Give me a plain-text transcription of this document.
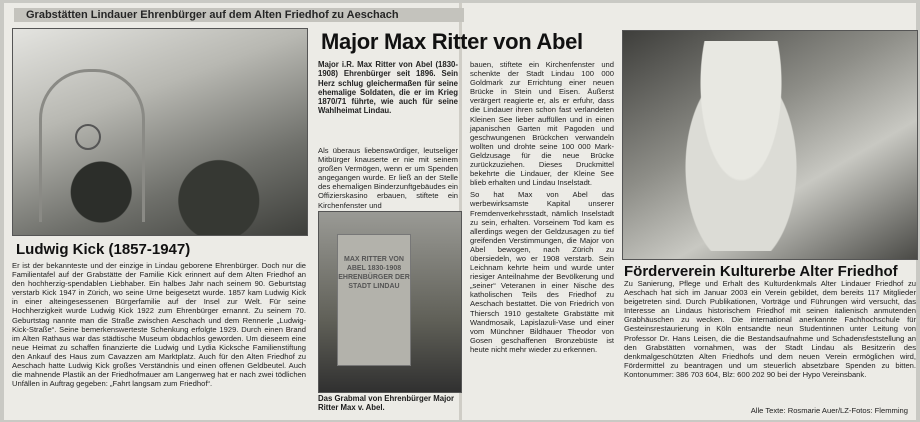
Grabstätten Lindauer Ehrenbürger auf dem Alten Friedhof zu Aeschach
Major Max Ritter von Abel
Ludwig Kick (1857-1947)

Er ist der bekannteste und der einzige in Lindau geborene Ehrenbürger. Doch nur die Familientafel auf der Grabstätte der Familie Kick erinnert auf dem Alten Friedhof an den hochherzig-spendablen Liebhaber. Ein halbes Jahr nach seinem 90. Geburtstag verstarb Kick 1947 in Zürich, wo seine Urne beigesetzt wurde. 1857 kam Ludwig Kick in einer alteingesessenen Bürgerfamilie auf der Insel zur Welt. Für seine Hochherzigkeit wurde Ludwig Kick 1922 zum Ehrenbürger ernannt. Zu seinem 70. Geburtstag nannte man die Straße zwischen Aeschach und dem Rennerle „Ludwig-Kick-Straße“. Seine bemerkenswerteste Schenkung erfolgte 1929. Durch einen Brand im Alten Rathaus war das städtische Museum obdachlos geworden. Um dieseem eine neue Heimat zu schaffen finanzierte die Ludwig und Lydia Kicksche Familienstiftung den Ankauf des Haus zum Cavazzen am Marktplatz. Auch für den Alten Friedhof zu Aeschach hatte Ludwig Kick großes Verständnis und einen offenen Geldbeutel. Auch die mahnende Plastik an der Friedhofmauer am Langenweg hat er nach zwei tödlichen Unfällen in Auftrag gegeben: „Fahrt langsam zum Friedhof“.

Major i.R. Max Ritter von Abel (1830-1908) Ehrenbürger seit 1896. Sein Herz schlug gleichermaßen für seine ehemalige Soldaten, die er im Krieg 1870/71 führte, wie auch für seine Wahlheimat Lindau.
Als überaus liebenswürdiger, leutseliger Mitbürger knauserte er nie mit seinem großen Vermögen, wenn er um Spenden angegangen wurde. Er ließ an der Stelle des ehemaligen Binderzunftgebäudes ein Offizierskasino erbauen, stiftete ein Kirchenfenster und
MAX RITTER VON ABEL 1830-1908 EHRENBÜRGER DER STADT LINDAU
Das Grabmal von Ehrenbürger Major Ritter Max v. Abel.

bauen, stiftete ein Kirchenfenster und schenkte der Stadt Lindau 100 000 Goldmark zur Errichtung einer neuen Brücke in Stein und Eisen. Äußerst verärgert reagierte er, als er erfuhr, dass die Lindauer ihren schon fast verlandeten Kleinen See lieber auffüllen und in einen japanischen Garten mit Pagoden und geschwungenen Brückchen verwandeln wollten und drohte seine 100 000 Mark-Geldzusage für die neue Brücke zurückzuziehen. Dieses Druckmittel bekehrte die Lindauer, der Kleine See blieb erhalten und Lindau Inselstadt.

So hat Max von Abel das werbewirksamste Kapital unserer Fremdenverkehrsstadt, nämlich Inselstadt zu sein, erhalten. Vorseinem Tod kam es allerdings wegen der Geldzusagen zu tief greifenden Verstimmungen, die Major von Abel bewogen, nach Zürich zu übersiedeln, wo er 1908 verstarb. Sein Leichnam kehrte heim und wurde unter riesiger Anteilnahme der Bevölkerung und „seiner“ Veteranen in einer Nische des katholischen Teils des Friedhof zu Aeschach bestattet. Die von Friedrich von Thiersch 1910 gestaltete Grabstätte mit Wandmosaik, Lapislazuli-Vase und einer vom Münchner Bildhauer Theodor von Gosen geschaffenen Bronzebüste ist heute nicht mehr wieder zu erkennen.

Förderverein Kulturerbe Alter Friedhof

Zu Sanierung, Pflege und Erhalt des Kulturdenkmals Alter Lindauer Friedhof zu Aeschach hat sich im Januar 2003 ein Verein gebildet, dem bereits 117 Mitglieder beigetreten sind. Durch Publikationen, Vorträge und Führungen wird versucht, das Interesse an Lindaus historischem Friedhof mit seinen italienisch anmutenden Grabhäuschen zu wecken. Die international anerkannte Fachhochschule für Gesteinsrestaurierung in Köln entsandte neun Studentinnen unter Leitung von Professor Dr. Hans Leisen, die die Bestandsaufnahme und Schadensfeststellung an den Grabstätten vornahmen, was der Stadt Lindau als Besitzerin des denkmalgeschützten Alten Friedhofs und dem neuen Verein ermöglichen wird, Fördermittel zu beantragen und um steuerlich absetzbare Spenden zu bitten. Kontonummer: 386 703 604, Blz: 600 202 90 bei der Hypo Vereinsbank.

Alle Texte: Rosmarie Auer/LZ-Fotos: Flemming
